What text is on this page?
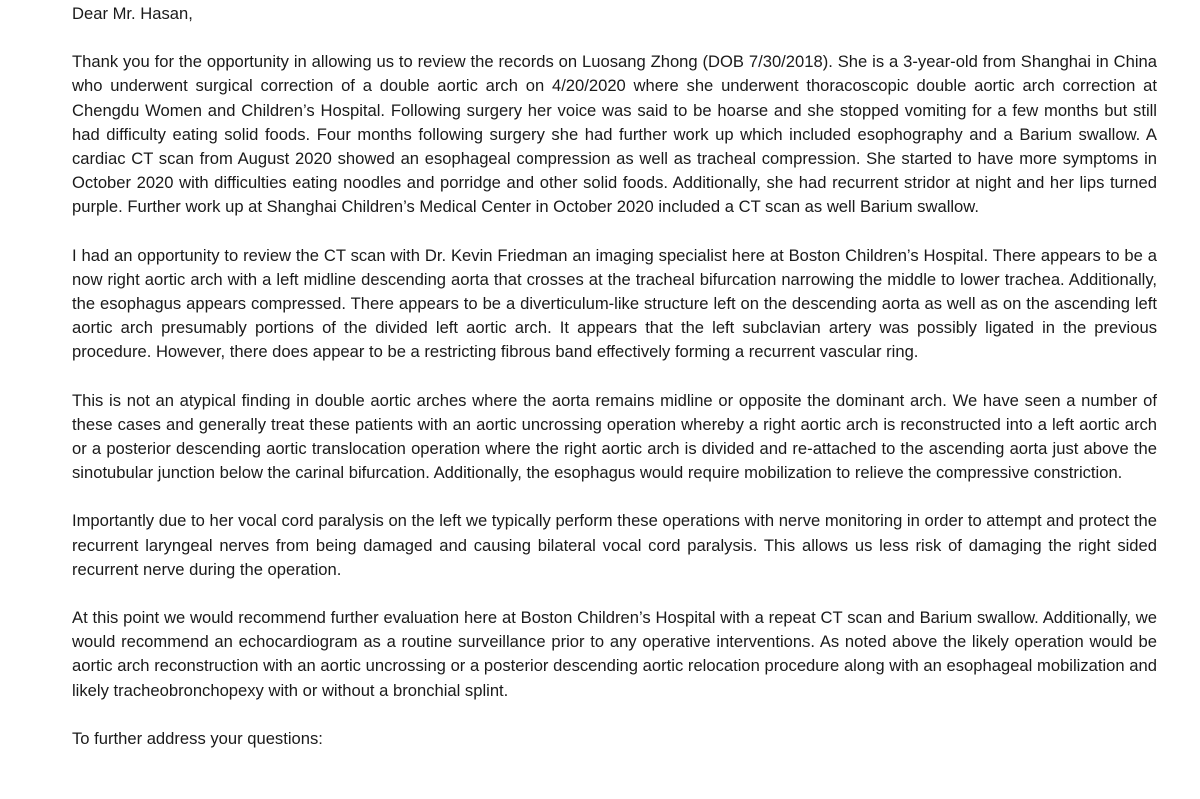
Dear Mr. Hasan,

Thank you for the opportunity in allowing us to review the records on Luosang Zhong (DOB 7/30/2018). She is a 3-year-old from Shanghai in China who underwent surgical correction of a double aortic arch on 4/20/2020 where she underwent thoracoscopic double aortic arch correction at Chengdu Women and Children’s Hospital. Following surgery her voice was said to be hoarse and she stopped vomiting for a few months but still had difficulty eating solid foods. Four months following surgery she had further work up which included esophography and a Barium swallow. A cardiac CT scan from August 2020 showed an esophageal compression as well as tracheal compression. She started to have more symptoms in October 2020 with difficulties eating noodles and porridge and other solid foods. Additionally, she had recurrent stridor at night and her lips turned purple. Further work up at Shanghai Children’s Medical Center in October 2020 included a CT scan as well Barium swallow.

I had an opportunity to review the CT scan with Dr. Kevin Friedman an imaging specialist here at Boston Children’s Hospital. There appears to be a now right aortic arch with a left midline descending aorta that crosses at the tracheal bifurcation narrowing the middle to lower trachea. Additionally, the esophagus appears compressed. There appears to be a diverticulum-like structure left on the descending aorta as well as on the ascending left aortic arch presumably portions of the divided left aortic arch. It appears that the left subclavian artery was possibly ligated in the previous procedure. However, there does appear to be a restricting fibrous band effectively forming a recurrent vascular ring.

This is not an atypical finding in double aortic arches where the aorta remains midline or opposite the dominant arch. We have seen a number of these cases and generally treat these patients with an aortic uncrossing operation whereby a right aortic arch is reconstructed into a left aortic arch or a posterior descending aortic translocation operation where the right aortic arch is divided and re-attached to the ascending aorta just above the sinotubular junction below the carinal bifurcation. Additionally, the esophagus would require mobilization to relieve the compressive constriction.

Importantly due to her vocal cord paralysis on the left we typically perform these operations with nerve monitoring in order to attempt and protect the recurrent laryngeal nerves from being damaged and causing bilateral vocal cord paralysis. This allows us less risk of damaging the right sided recurrent nerve during the operation.

At this point we would recommend further evaluation here at Boston Children’s Hospital with a repeat CT scan and Barium swallow. Additionally, we would recommend an echocardiogram as a routine surveillance prior to any operative interventions. As noted above the likely operation would be aortic arch reconstruction with an aortic uncrossing or a posterior descending aortic relocation procedure along with an esophageal mobilization and likely tracheobronchopexy with or without a bronchial splint.

To further address your questions:
